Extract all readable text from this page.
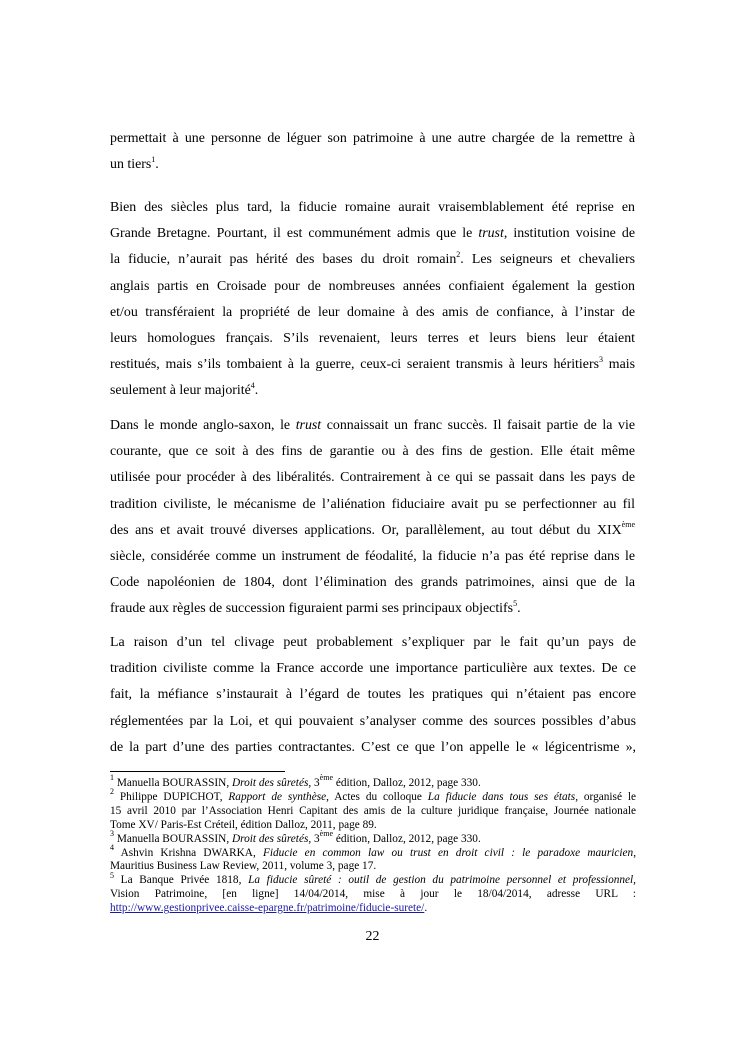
permettait à une personne de léguer son patrimoine à une autre chargée de la remettre à
un tiers$^1$.
Bien des siècles plus tard, la fiducie romaine aurait vraisemblablement été reprise en
Grande Bretagne. Pourtant, il est communément admis que le trust, institution voisine de
la fiducie, n’aurait pas hérité des bases du droit romain$^2$. Les seigneurs et chevaliers
anglais partis en Croisade pour de nombreuses années confiaient également la gestion
et/ou transféraient la propriété de leur domaine à des amis de confiance, à l’instar de
leurs homologues français. S’ils revenaient, leurs terres et leurs biens leur étaient
restitués, mais s’ils tombaient à la guerre, ceux-ci seraient transmis à leurs héritiers$^3$ mais
seulement à leur majorité$^4$.
Dans le monde anglo-saxon, le trust connaissait un franc succès. Il faisait partie de la vie
courante, que ce soit à des fins de garantie ou à des fins de gestion. Elle était même
utilisée pour procéder à des libéralités. Contrairement à ce qui se passait dans les pays de
tradition civiliste, le mécanisme de l’aliénation fiduciaire avait pu se perfectionner au fil
des ans et avait trouvé diverses applications. Or, parallèlement, au tout début du XIXème
siècle, considérée comme un instrument de féodalité, la fiducie n’a pas été reprise dans le
Code napoléonien de 1804, dont l’élimination des grands patrimoines, ainsi que de la
fraude aux règles de succession figuraient parmi ses principaux objectifs$^5$.
La raison d’un tel clivage peut probablement s’expliquer par le fait qu’un pays de
tradition civiliste comme la France accorde une importance particulière aux textes. De ce
fait, la méfiance s’instaurait à l’égard de toutes les pratiques qui n’étaient pas encore
réglementées par la Loi, et qui pouvaient s’analyser comme des sources possibles d’abus
de la part d’une des parties contractantes. C’est ce que l’on appelle le « légicentrisme »,

$^1$ Manuella BOURASSIN, Droit des sûretés, 3ème édition, Dalloz, 2012, page 330.

$^2$ Philippe DUPICHOT, Rapport de synthèse, Actes du colloque La fiducie dans tous ses états, organisé le
15 avril 2010 par l’Association Henri Capitant des amis de la culture juridique française, Journée nationale
Tome XV/ Paris-Est Créteil, édition Dalloz, 2011, page 89.

$^3$ Manuella BOURASSIN, Droit des sûretés, 3ème édition, Dalloz, 2012, page 330.

$^4$ Ashvin Krishna DWARKA, Fiducie en common law ou trust en droit civil : le paradoxe mauricien,
Mauritius Business Law Review, 2011, volume 3, page 17.

$^5$ La Banque Privée 1818, La fiducie sûreté : outil de gestion du patrimoine personnel et professionnel,
Vision Patrimoine, [en ligne] 14/04/2014, mise à jour le 18/04/2014, adresse URL :
http://www.gestionprivee.caisse-epargne.fr/patrimoine/fiducie-surete/.

22
